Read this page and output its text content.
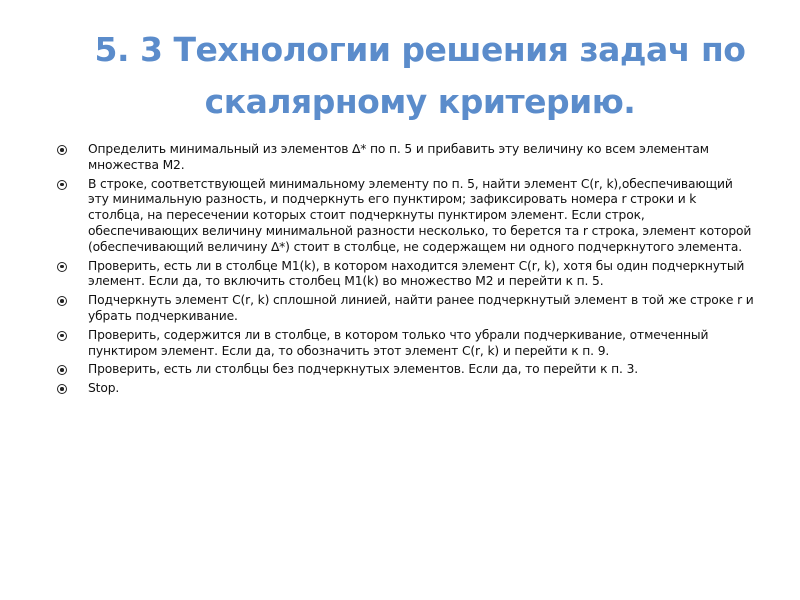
5. 3 Технологии решения задач по скалярному критерию.
Определить минимальный из элементов ∆* по п. 5 и прибавить эту величину ко всем элементам множества М2.
В строке, соответствующей минимальному элементу по п. 5, найти элемент С(r, k),обеспечивающий эту минимальную разность, и подчеркнуть его пунктиром; зафиксировать номера r строки и k столбца, на пересечении которых стоит подчеркнуты пунктиром элемент. Если строк, обеспечивающих величину минимальной разности несколько, то берется та r строка, элемент которой (обеспечивающий величину ∆*) стоит в столбце, не содержащем ни одного подчеркнутого элемента.
Проверить, есть ли в столбце М1(k), в котором находится элемент С(r, k), хотя бы один подчеркнутый элемент. Если да, то включить столбец М1(k) во множество М2 и перейти к п. 5.
Подчеркнуть элемент С(r, k) сплошной линией, найти ранее подчеркнутый элемент в той же строке r и убрать подчеркивание.
Проверить, содержится ли в столбце, в котором только что убрали подчеркивание, отмеченный пунктиром элемент. Если да, то обозначить этот элемент С(r, k) и перейти к п. 9.
Проверить, есть ли столбцы без подчеркнутых элементов. Если да, то перейти к п. 3.
Stop.
